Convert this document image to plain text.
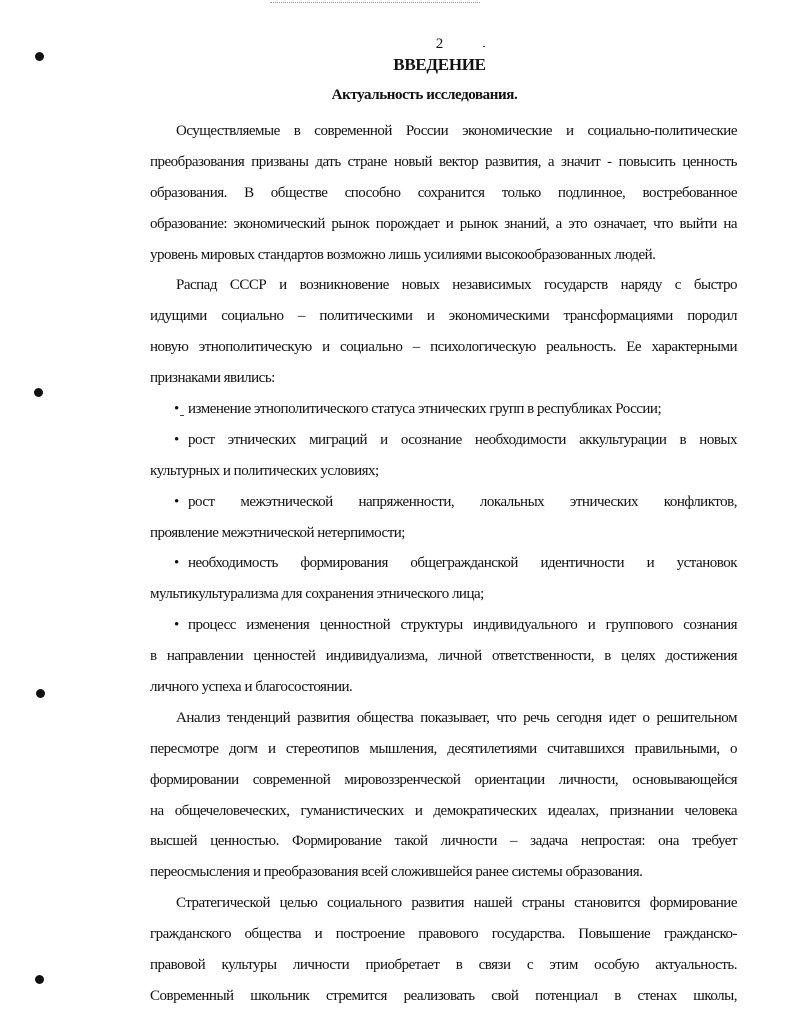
2
ВВЕДЕНИЕ
Актуальность исследования.
Осуществляемые в современной России экономические и социально-политические
преобразования призваны дать стране новый вектор развития, а значит - повысить ценность
образования. В обществе способно сохранится только подлинное, востребованное
образование: экономический рынок порождает и рынок знаний, а это означает, что выйти на
уровень мировых стандартов возможно лишь усилиями высокообразованных людей.
Распад СССР и возникновение новых независимых государств наряду с быстро
идущими социально – политическими и экономическими трансформациями породил
новую этнополитическую и социально – психологическую реальность. Ее характерными
признаками явились:
• изменение этнополитического статуса этнических групп в республиках России;
• рост этнических миграций и осознание необходимости аккультурации в новых
культурных и политических условиях;
• рост межэтнической напряженности, локальных этнических конфликтов,
проявление межэтнической нетерпимости;
• необходимость формирования общегражданской идентичности и установок
мультикультурализма для сохранения этнического лица;
• процесс изменения ценностной структуры индивидуального и группового сознания
в направлении ценностей индивидуализма, личной ответственности, в целях достижения
личного успеха и благосостоянии.
Анализ тенденций развития общества показывает, что речь сегодня идет о решительном
пересмотре догм и стереотипов мышления, десятилетиями считавшихся правильными, о
формировании современной мировоззренческой ориентации личности, основывающейся
на общечеловеческих, гуманистических и демократических идеалах, признании человека
высшей ценностью. Формирование такой личности – задача непростая: она требует
переосмысления и преобразования всей сложившейся ранее системы образования.
Стратегической целью социального развития нашей страны становится формирование
гражданского общества и построение правового государства. Повышение гражданско-
правовой культуры личности приобретает в связи с этим особую актуальность.
Современный школьник стремится реализовать свой потенциал в стенах школы,
